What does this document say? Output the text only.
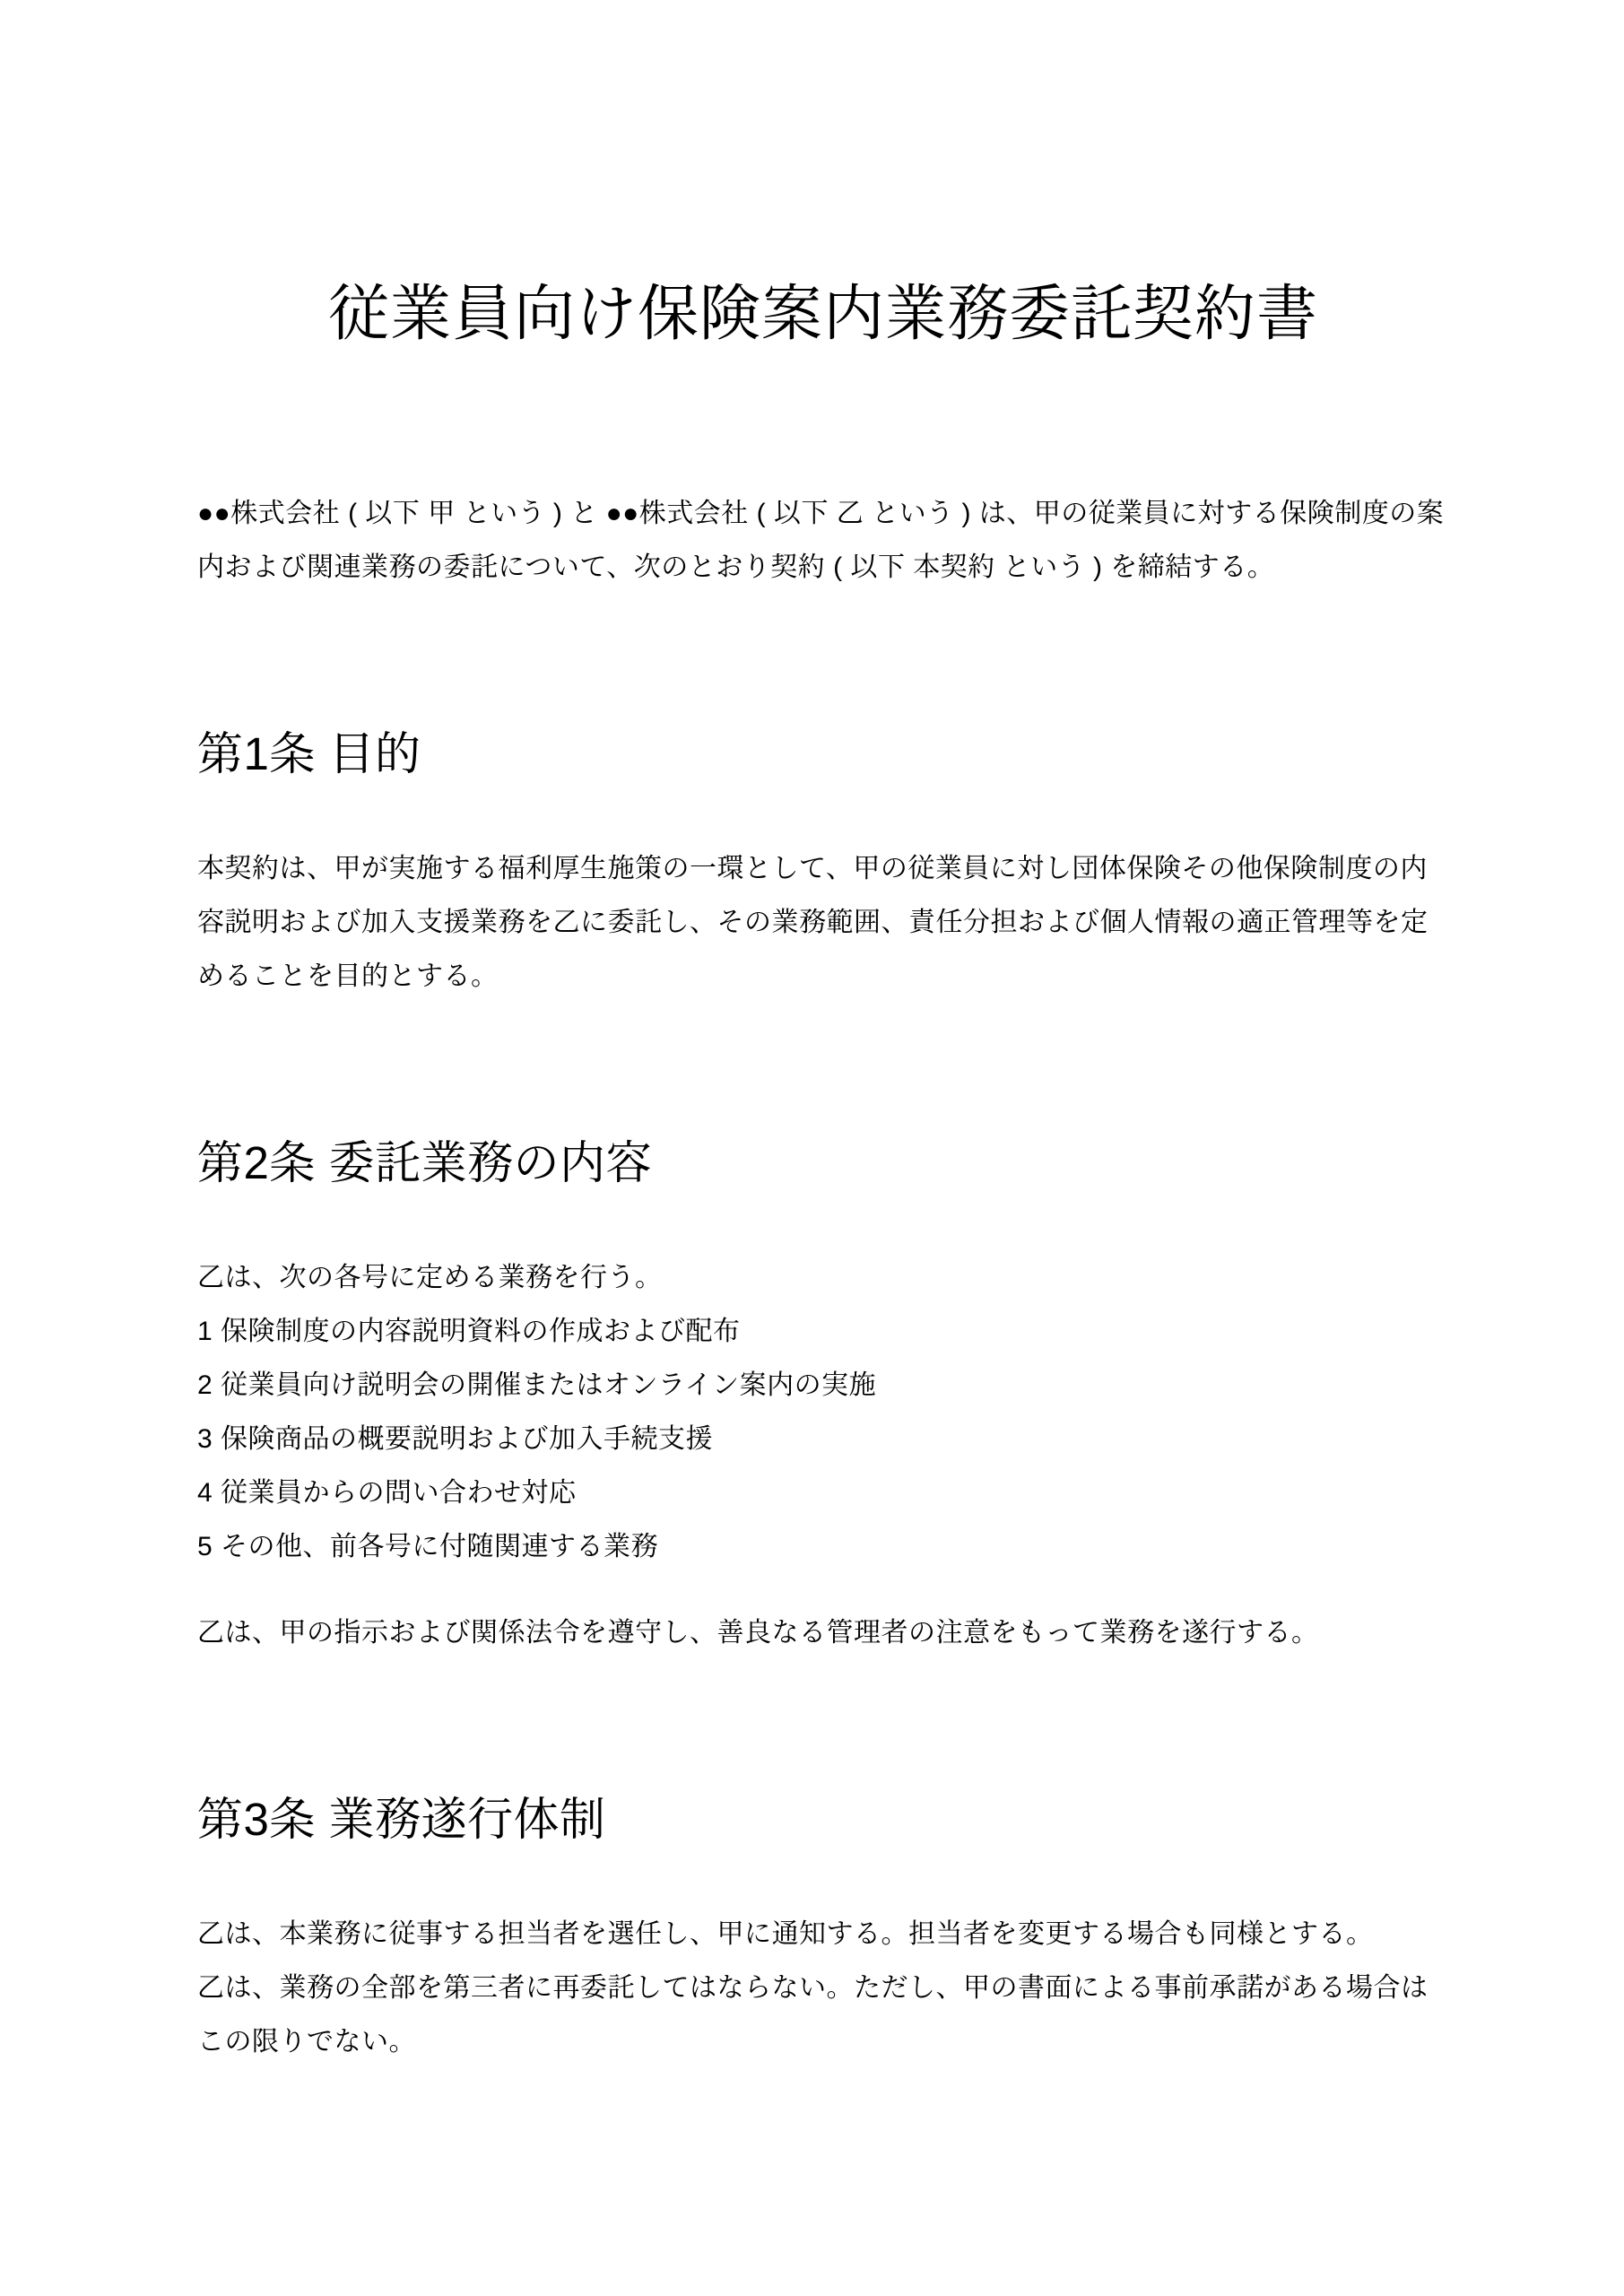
従業員向け保険案内業務委託契約書

●●株式会社 ( 以下 甲 という ) と ●●株式会社 ( 以下 乙 という ) は、甲の従業員に対する保険制度の案内および関連業務の委託について、次のとおり契約 ( 以下 本契約 という ) を締結する。

第1条 目的

本契約は、甲が実施する福利厚生施策の一環として、甲の従業員に対し団体保険その他保険制度の内容説明および加入支援業務を乙に委託し、その業務範囲、責任分担および個人情報の適正管理等を定めることを目的とする。

第2条 委託業務の内容

乙は、次の各号に定める業務を行う。

1 保険制度の内容説明資料の作成および配布

2 従業員向け説明会の開催またはオンライン案内の実施

3 保険商品の概要説明および加入手続支援

4 従業員からの問い合わせ対応

5 その他、前各号に付随関連する業務

乙は、甲の指示および関係法令を遵守し、善良なる管理者の注意をもって業務を遂行する。

第3条 業務遂行体制

乙は、本業務に従事する担当者を選任し、甲に通知する。担当者を変更する場合も同様とする。

乙は、業務の全部を第三者に再委託してはならない。ただし、甲の書面による事前承諾がある場合はこの限りでない。
